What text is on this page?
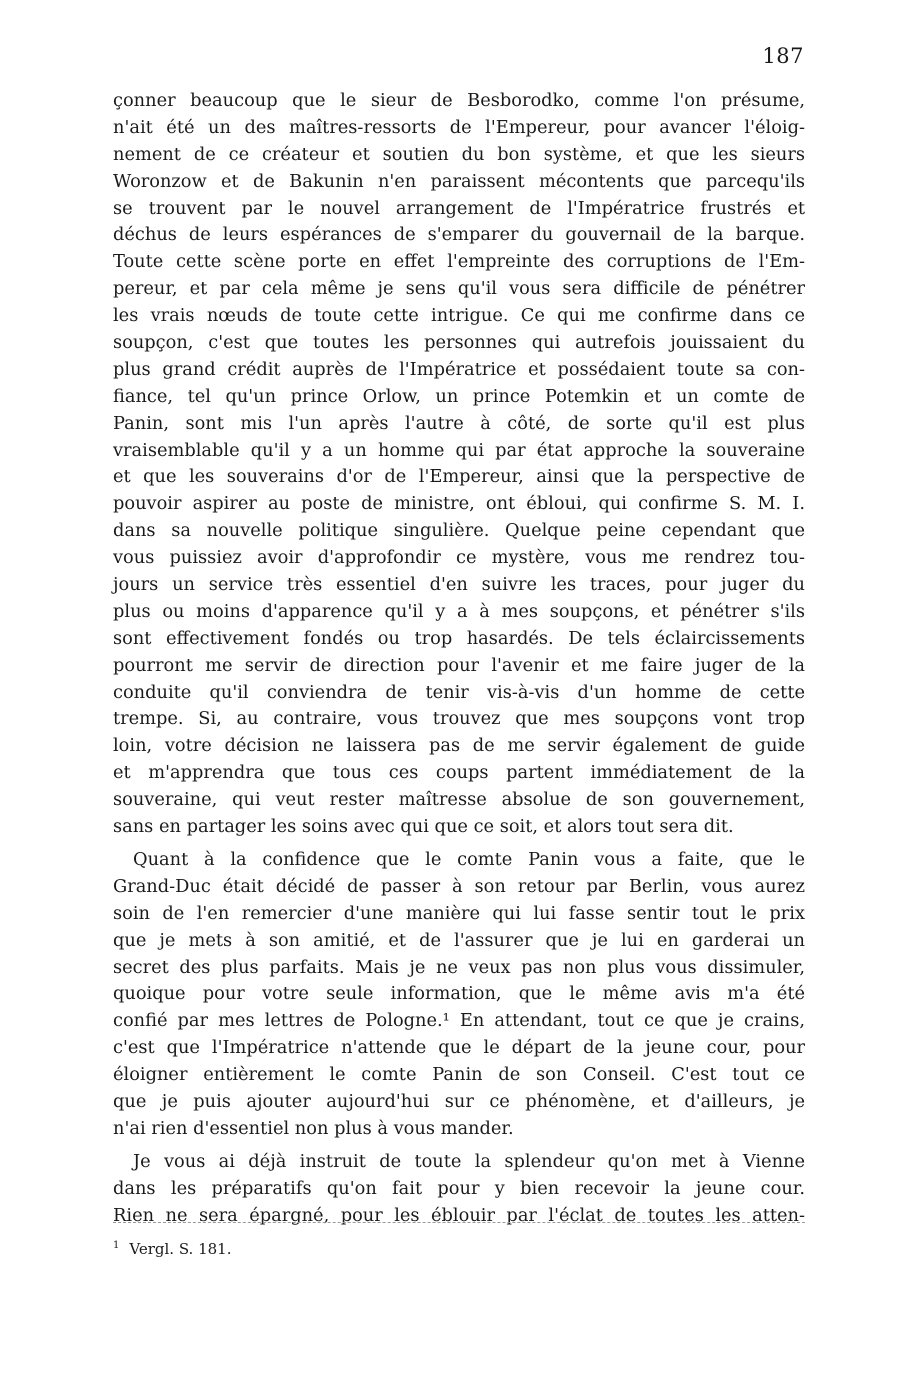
187
çonner beaucoup que le sieur de Besborodko, comme l'on présume,
n'ait été un des maîtres-ressorts de l'Empereur, pour avancer l'éloig-
nement de ce créateur et soutien du bon système, et que les sieurs
Woronzow et de Bakunin n'en paraissent mécontents que parcequ'ils
se trouvent par le nouvel arrangement de l'Impératrice frustrés et
déchus de leurs espérances de s'emparer du gouvernail de la barque.
Toute cette scène porte en effet l'empreinte des corruptions de l'Em-
pereur, et par cela même je sens qu'il vous sera difficile de pénétrer
les vrais nœuds de toute cette intrigue. Ce qui me confirme dans ce
soupçon, c'est que toutes les personnes qui autrefois jouissaient du
plus grand crédit auprès de l'Impératrice et possédaient toute sa con-
fiance, tel qu'un prince Orlow, un prince Potemkin et un comte de
Panin, sont mis l'un après l'autre à côté, de sorte qu'il est plus
vraisemblable qu'il y a un homme qui par état approche la souveraine
et que les souverains d'or de l'Empereur, ainsi que la perspective de
pouvoir aspirer au poste de ministre, ont ébloui, qui confirme S. M. I.
dans sa nouvelle politique singulière. Quelque peine cependant que
vous puissiez avoir d'approfondir ce mystère, vous me rendrez tou-
jours un service très essentiel d'en suivre les traces, pour juger du
plus ou moins d'apparence qu'il y a à mes soupçons, et pénétrer s'ils
sont effectivement fondés ou trop hasardés. De tels éclaircissements
pourront me servir de direction pour l'avenir et me faire juger de la
conduite qu'il conviendra de tenir vis-à-vis d'un homme de cette
trempe. Si, au contraire, vous trouvez que mes soupçons vont trop
loin, votre décision ne laissera pas de me servir également de guide
et m'apprendra que tous ces coups partent immédiatement de la
souveraine, qui veut rester maîtresse absolue de son gouvernement,
sans en partager les soins avec qui que ce soit, et alors tout sera dit.
Quant à la confidence que le comte Panin vous a faite, que le
Grand-Duc était décidé de passer à son retour par Berlin, vous aurez
soin de l'en remercier d'une manière qui lui fasse sentir tout le prix
que je mets à son amitié, et de l'assurer que je lui en garderai un
secret des plus parfaits. Mais je ne veux pas non plus vous dissimuler,
quoique pour votre seule information, que le même avis m'a été
confié par mes lettres de Pologne.¹ En attendant, tout ce que je crains,
c'est que l'Impératrice n'attende que le départ de la jeune cour, pour
éloigner entièrement le comte Panin de son Conseil. C'est tout ce
que je puis ajouter aujourd'hui sur ce phénomène, et d'ailleurs, je
n'ai rien d'essentiel non plus à vous mander.
Je vous ai déjà instruit de toute la splendeur qu'on met à Vienne
dans les préparatifs qu'on fait pour y bien recevoir la jeune cour.
Rien ne sera épargné, pour les éblouir par l'éclat de toutes les atten-
$^1$ Vergl. S. 181.
